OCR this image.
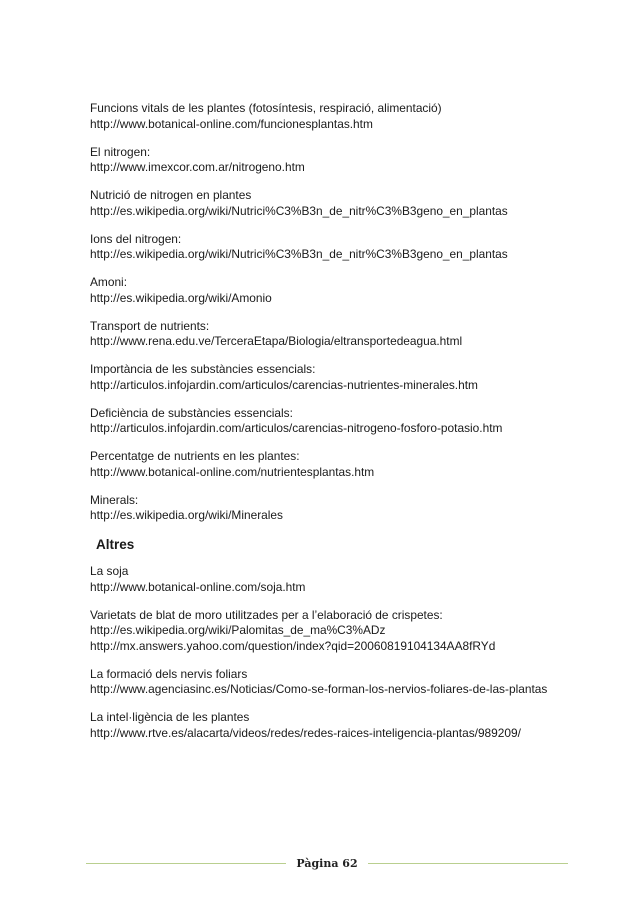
Funcions vitals de les plantes (fotosíntesis, respiració, alimentació)
http://www.botanical-online.com/funcionesplantas.htm
El nitrogen:
http://www.imexcor.com.ar/nitrogeno.htm
Nutrició de nitrogen en plantes
http://es.wikipedia.org/wiki/Nutrici%C3%B3n_de_nitr%C3%B3geno_en_plantas
Ions del nitrogen:
http://es.wikipedia.org/wiki/Nutrici%C3%B3n_de_nitr%C3%B3geno_en_plantas
Amoni:
http://es.wikipedia.org/wiki/Amonio
Transport de nutrients:
http://www.rena.edu.ve/TerceraEtapa/Biologia/eltransportedeagua.html
Importància de les substàncies essencials:
http://articulos.infojardin.com/articulos/carencias-nutrientes-minerales.htm
Deficiència de substàncies essencials:
http://articulos.infojardin.com/articulos/carencias-nitrogeno-fosforo-potasio.htm
Percentatge de nutrients en les plantes:
http://www.botanical-online.com/nutrientesplantas.htm
Minerals:
http://es.wikipedia.org/wiki/Minerales
Altres
La soja
http://www.botanical-online.com/soja.htm
Varietats de blat de moro utilitzades per a l’elaboració de crispetes:
http://es.wikipedia.org/wiki/Palomitas_de_ma%C3%ADz
http://mx.answers.yahoo.com/question/index?qid=20060819104134AA8fRYd
La formació dels nervis foliars
http://www.agenciasinc.es/Noticias/Como-se-forman-los-nervios-foliares-de-las-plantas
La intel·ligència de les plantes
http://www.rtve.es/alacarta/videos/redes/redes-raices-inteligencia-plantas/989209/
Pàgina 62
